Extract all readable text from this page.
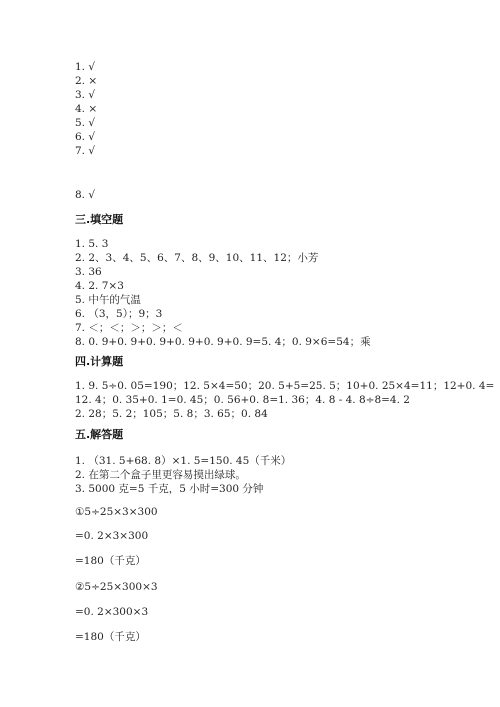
1. √
2. ×
3. √
4. ×
5. √
6. √
7. √
8. √
三.填空题
1. 5. 3
2. 2、3、4、5、6、7、8、9、10、11、12；小芳
3. 36
4. 2. 7×3
5. 中午的气温
6. （3，5）；9；3
7. ＜；＜；＞；＞；＜
8. 0. 9+0. 9+0. 9+0. 9+0. 9+0. 9=5. 4；0. 9×6=54；乘
四.计算题
1. 9. 5÷0. 05=190；12. 5×4=50；20. 5+5=25. 5；10+0. 25×4=11；12+0. 4=
12. 4；0. 35+0. 1=0. 45；0. 56+0. 8=1. 36；4. 8 - 4. 8÷8=4. 2
2. 28；5. 2；105；5. 8；3. 65；0. 84
五.解答题
1. （31. 5+68. 8）×1. 5=150. 45（千米）
2. 在第二个盒子里更容易摸出绿球。
3. 5000 克=5 千克，5 小时=300 分钟
①5÷25×3×300
=0. 2×3×300
=180（千克）
②5÷25×300×3
=0. 2×300×3
=180（千克）
